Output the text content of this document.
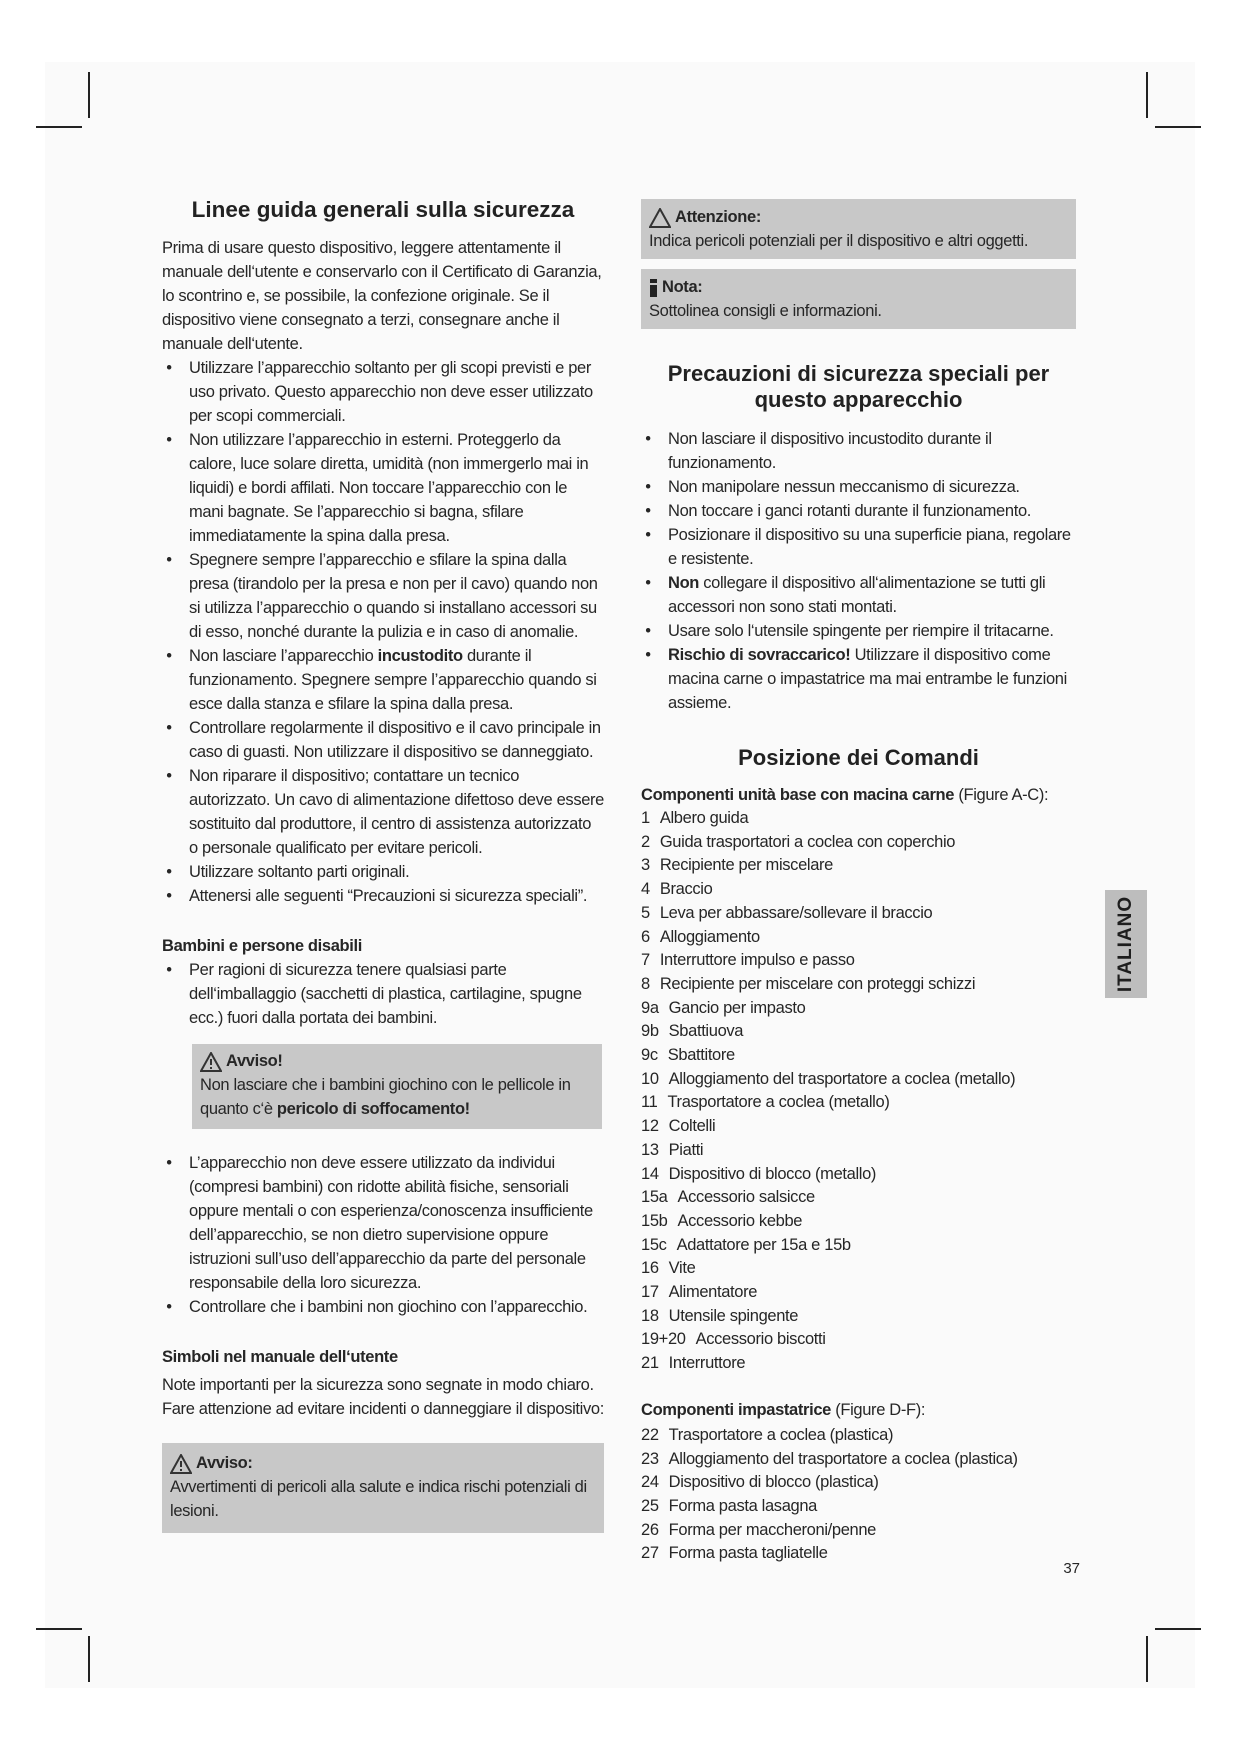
Linee guida generali sulla sicurezza

Prima di usare questo dispositivo, leggere attentamente il manuale dell‘utente e conservarlo con il Certificato di Garanzia, lo scontrino e, se possibile, la confezione originale. Se il dispositivo viene consegnato a terzi, consegnare anche il manuale dell‘utente.

• Utilizzare l’apparecchio soltanto per gli scopi previsti e per uso privato. Questo apparecchio non deve esser utilizzato per scopi commerciali.
• Non utilizzare l’apparecchio in esterni. Proteggerlo da calore, luce solare diretta, umidità (non immergerlo mai in liquidi) e bordi affilati. Non toccare l’apparecchio con le mani bagnate. Se l’apparecchio si bagna, sfilare immediatamente la spina dalla presa.
• Spegnere sempre l’apparecchio e sfilare la spina dalla presa (tirandolo per la presa e non per il cavo) quando non si utilizza l’apparecchio o quando si installano accessori su di esso, nonché durante la pulizia e in caso di anomalie.
• Non lasciare l’apparecchio incustodito durante il funzionamento. Spegnere sempre l’apparecchio quando si esce dalla stanza e sfilare la spina dalla presa.
• Controllare regolarmente il dispositivo e il cavo principale in caso di guasti. Non utilizzare il dispositivo se danneggiato.
• Non riparare il dispositivo; contattare un tecnico autorizzato. Un cavo di alimentazione difettoso deve essere sostituito dal produttore, il centro di assistenza autorizzato o personale qualificato per evitare pericoli.
• Utilizzare soltanto parti originali.
• Attenersi alle seguenti “Precauzioni si sicurezza speciali”.
Bambini e persone disabili
• Per ragioni di sicurezza tenere qualsiasi parte dell‘imballaggio (sacchetti di plastica, cartilagine, spugne ecc.) fuori dalla portata dei bambini.
Avviso!
Non lasciare che i bambini giochino con le pellicole in quanto c‘è pericolo di soffocamento!
• L’apparecchio non deve essere utilizzato da individui (compresi bambini) con ridotte abilità fisiche, sensoriali oppure mentali o con esperienza/conoscenza insufficiente dell’apparecchio, se non dietro supervisione oppure istruzioni sull’uso dell’apparecchio da parte del personale responsabile della loro sicurezza.
• Controllare che i bambini non giochino con l’apparecchio.
Simboli nel manuale dell‘utente

Note importanti per la sicurezza sono segnate in modo chiaro. Fare attenzione ad evitare incidenti o danneggiare il dispositivo:

Avviso:
Avvertimenti di pericoli alla salute e indica rischi potenziali di lesioni.
Attenzione:
Indica pericoli potenziali per il dispositivo e altri oggetti.
Nota:
Sottolinea consigli e informazioni.
Precauzioni di sicurezza speciali per questo apparecchio
• Non lasciare il dispositivo incustodito durante il funzionamento.
• Non manipolare nessun meccanismo di sicurezza.
• Non toccare i ganci rotanti durante il funzionamento.
• Posizionare il dispositivo su una superficie piana, regolare e resistente.
• Non collegare il dispositivo all‘alimentazione se tutti gli accessori non sono stati montati.
• Usare solo l‘utensile spingente per riempire il tritacarne.
• Rischio di sovraccarico! Utilizzare il dispositivo come macina carne o impastatrice ma mai entrambe le funzioni assieme.
Posizione dei Comandi
Componenti unità base con macina carne (Figure A-C):
1 Albero guida
2 Guida trasportatori a coclea con coperchio
3 Recipiente per miscelare
4 Braccio
5 Leva per abbassare/sollevare il braccio
6 Alloggiamento
7 Interruttore impulso e passo
8 Recipiente per miscelare con proteggi schizzi
9a Gancio per impasto
9b Sbattiuova
9c Sbattitore
10 Alloggiamento del trasportatore a coclea (metallo)
11 Trasportatore a coclea (metallo)
12 Coltelli
13 Piatti
14 Dispositivo di blocco (metallo)
15a Accessorio salsicce
15b Accessorio kebbe
15c Adattatore per 15a e 15b
16 Vite
17 Alimentatore
18 Utensile spingente
19+20 Accessorio biscotti
21 Interruttore
Componenti impastatrice (Figure D-F):
22 Trasportatore a coclea (plastica)
23 Alloggiamento del trasportatore a coclea (plastica)
24 Dispositivo di blocco (plastica)
25 Forma pasta lasagna
26 Forma per maccheroni/penne
27 Forma pasta tagliatelle
ITALIANO
37
